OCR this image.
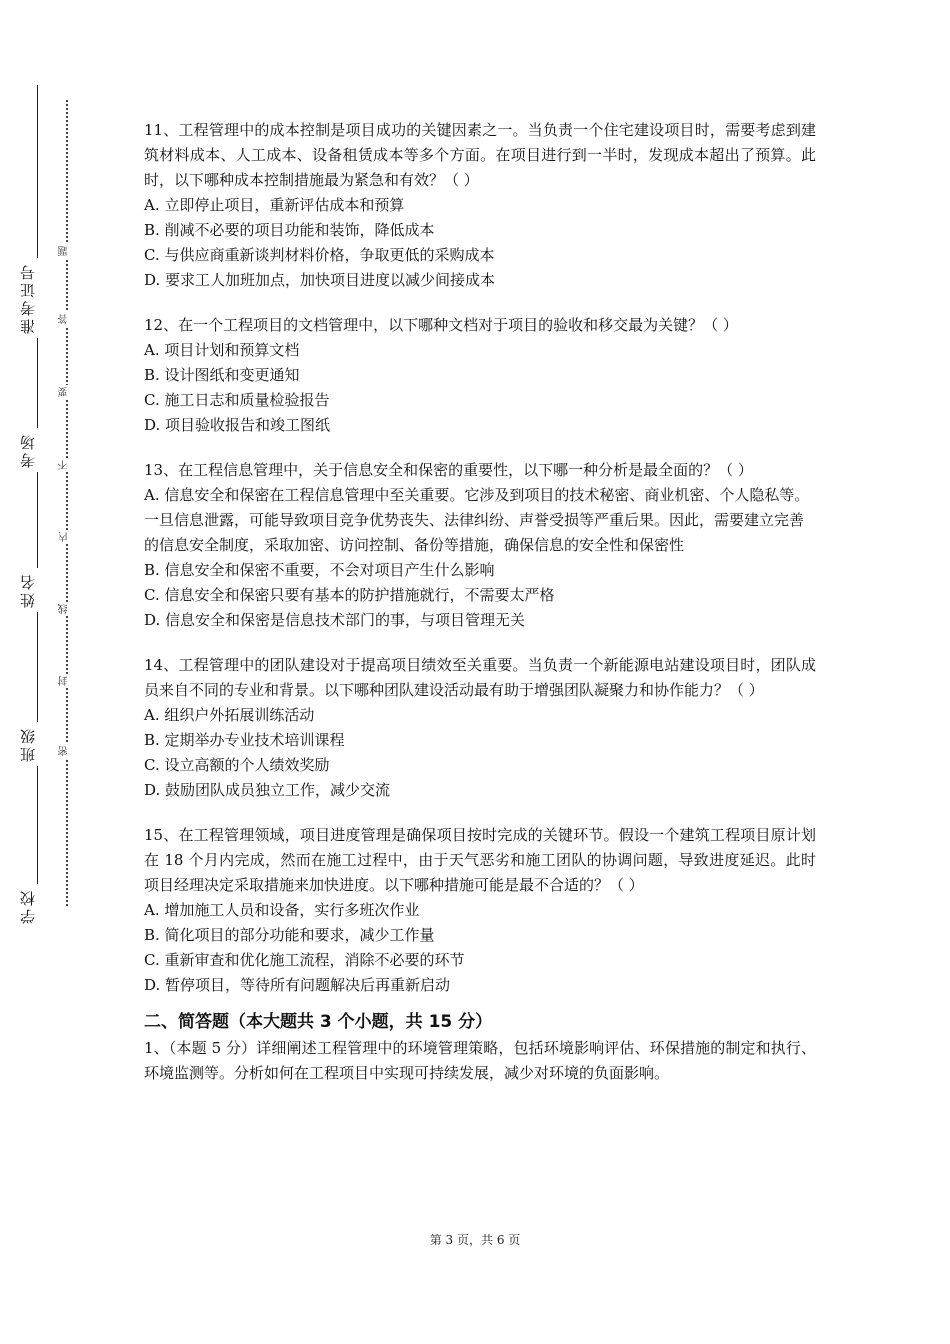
准考证号
考场
姓名
班级
学校
题
答
要
不
内
线
封
密

11、工程管理中的成本控制是项目成功的关键因素之一。当负责一个住宅建设项目时，需要考虑到建筑材料成本、人工成本、设备租赁成本等多个方面。在项目进行到一半时，发现成本超出了预算。此时，以下哪种成本控制措施最为紧急和有效？（ ）

A. 立即停止项目，重新评估成本和预算

B. 削减不必要的项目功能和装饰，降低成本

C. 与供应商重新谈判材料价格，争取更低的采购成本

D. 要求工人加班加点，加快项目进度以减少间接成本

12、在一个工程项目的文档管理中，以下哪种文档对于项目的验收和移交最为关键？（ ）

A. 项目计划和预算文档

B. 设计图纸和变更通知

C. 施工日志和质量检验报告

D. 项目验收报告和竣工图纸

13、在工程信息管理中，关于信息安全和保密的重要性，以下哪一种分析是最全面的？（ ）

A. 信息安全和保密在工程信息管理中至关重要。它涉及到项目的技术秘密、商业机密、个人隐私等。一旦信息泄露，可能导致项目竞争优势丧失、法律纠纷、声誉受损等严重后果。因此，需要建立完善的信息安全制度，采取加密、访问控制、备份等措施，确保信息的安全性和保密性

B. 信息安全和保密不重要，不会对项目产生什么影响

C. 信息安全和保密只要有基本的防护措施就行，不需要太严格

D. 信息安全和保密是信息技术部门的事，与项目管理无关

14、工程管理中的团队建设对于提高项目绩效至关重要。当负责一个新能源电站建设项目时，团队成员来自不同的专业和背景。以下哪种团队建设活动最有助于增强团队凝聚力和协作能力？（ ）

A. 组织户外拓展训练活动

B. 定期举办专业技术培训课程

C. 设立高额的个人绩效奖励

D. 鼓励团队成员独立工作，减少交流

15、在工程管理领域，项目进度管理是确保项目按时完成的关键环节。假设一个建筑工程项目原计划在 18 个月内完成，然而在施工过程中，由于天气恶劣和施工团队的协调问题，导致进度延迟。此时项目经理决定采取措施来加快进度。以下哪种措施可能是最不合适的？（ ）

A. 增加施工人员和设备，实行多班次作业

B. 简化项目的部分功能和要求，减少工作量

C. 重新审查和优化施工流程，消除不必要的环节

D. 暂停项目，等待所有问题解决后再重新启动

二、简答题（本大题共 3 个小题，共 15 分）

1、（本题 5 分）详细阐述工程管理中的环境管理策略，包括环境影响评估、环保措施的制定和执行、环境监测等。分析如何在工程项目中实现可持续发展，减少对环境的负面影响。

第 3 页，共 6 页
